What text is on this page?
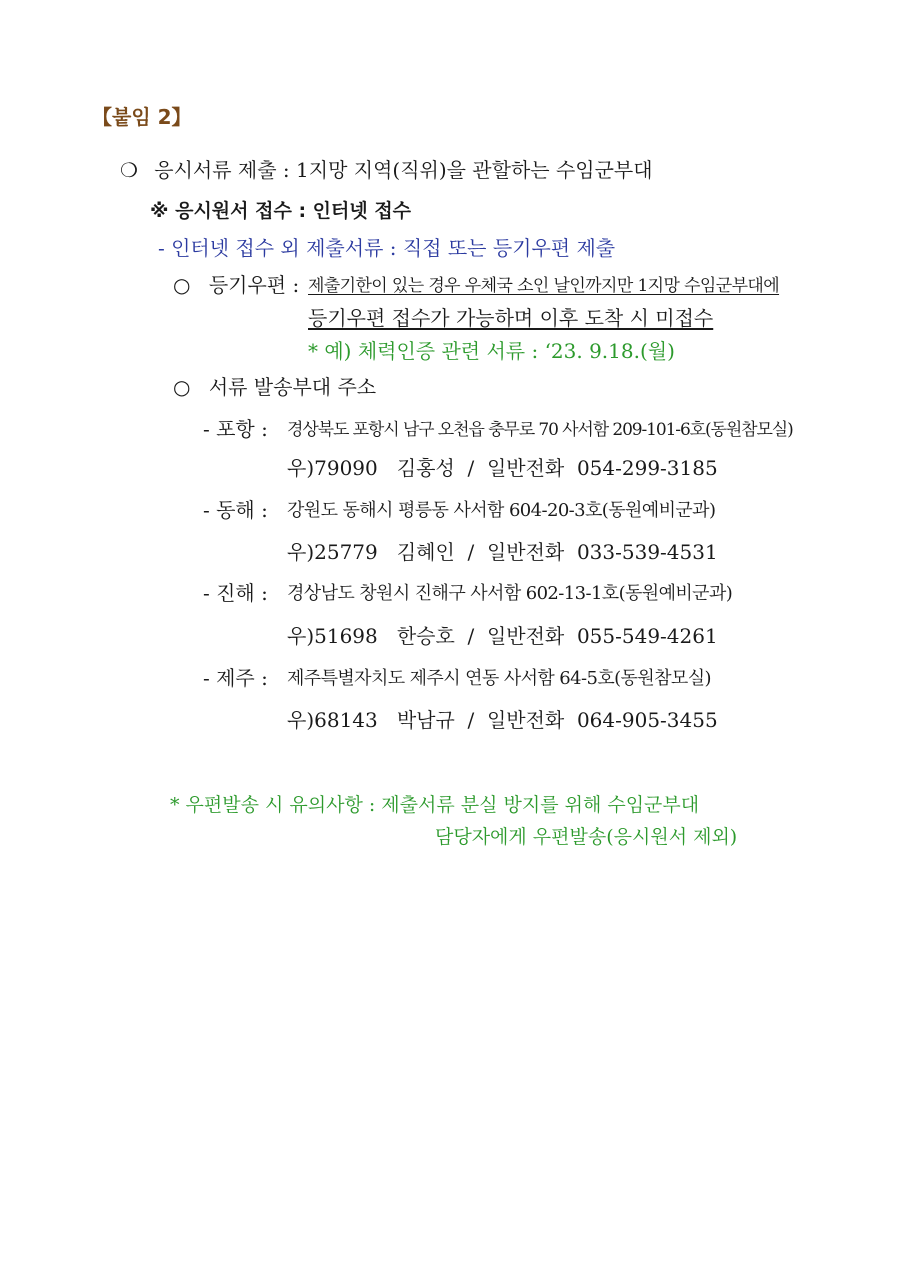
【붙임 2】
❍ 응시서류 제출 : 1지망 지역(직위)을 관할하는 수임군부대
※ 응시원서 접수 : 인터넷 접수
- 인터넷 접수 외 제출서류 : 직접 또는 등기우편 제출
○ 등기우편 : 제출기한이 있는 경우 우체국 소인 날인까지만 1지망 수임군부대에
등기우편 접수가 가능하며 이후 도착 시 미접수
* 예) 체력인증 관련 서류 : ‘23. 9.18.(월)
○ 서류 발송부대 주소
- 포항 : 경상북도 포항시 남구 오천읍 충무로 70 사서함 209-101-6호(동원참모실)
우)79090   김홍성  /  일반전화  054-299-3185
- 동해 : 강원도 동해시 평릉동 사서함 604-20-3호(동원예비군과)
우)25779   김혜인  /  일반전화  033-539-4531
- 진해 : 경상남도 창원시 진해구 사서함 602-13-1호(동원예비군과)
우)51698   한승호  /  일반전화  055-549-4261
- 제주 : 제주특별자치도 제주시 연동 사서함 64-5호(동원참모실)
우)68143   박남규  /  일반전화  064-905-3455
* 우편발송 시 유의사항 : 제출서류 분실 방지를 위해 수임군부대
담당자에게 우편발송(응시원서 제외)
